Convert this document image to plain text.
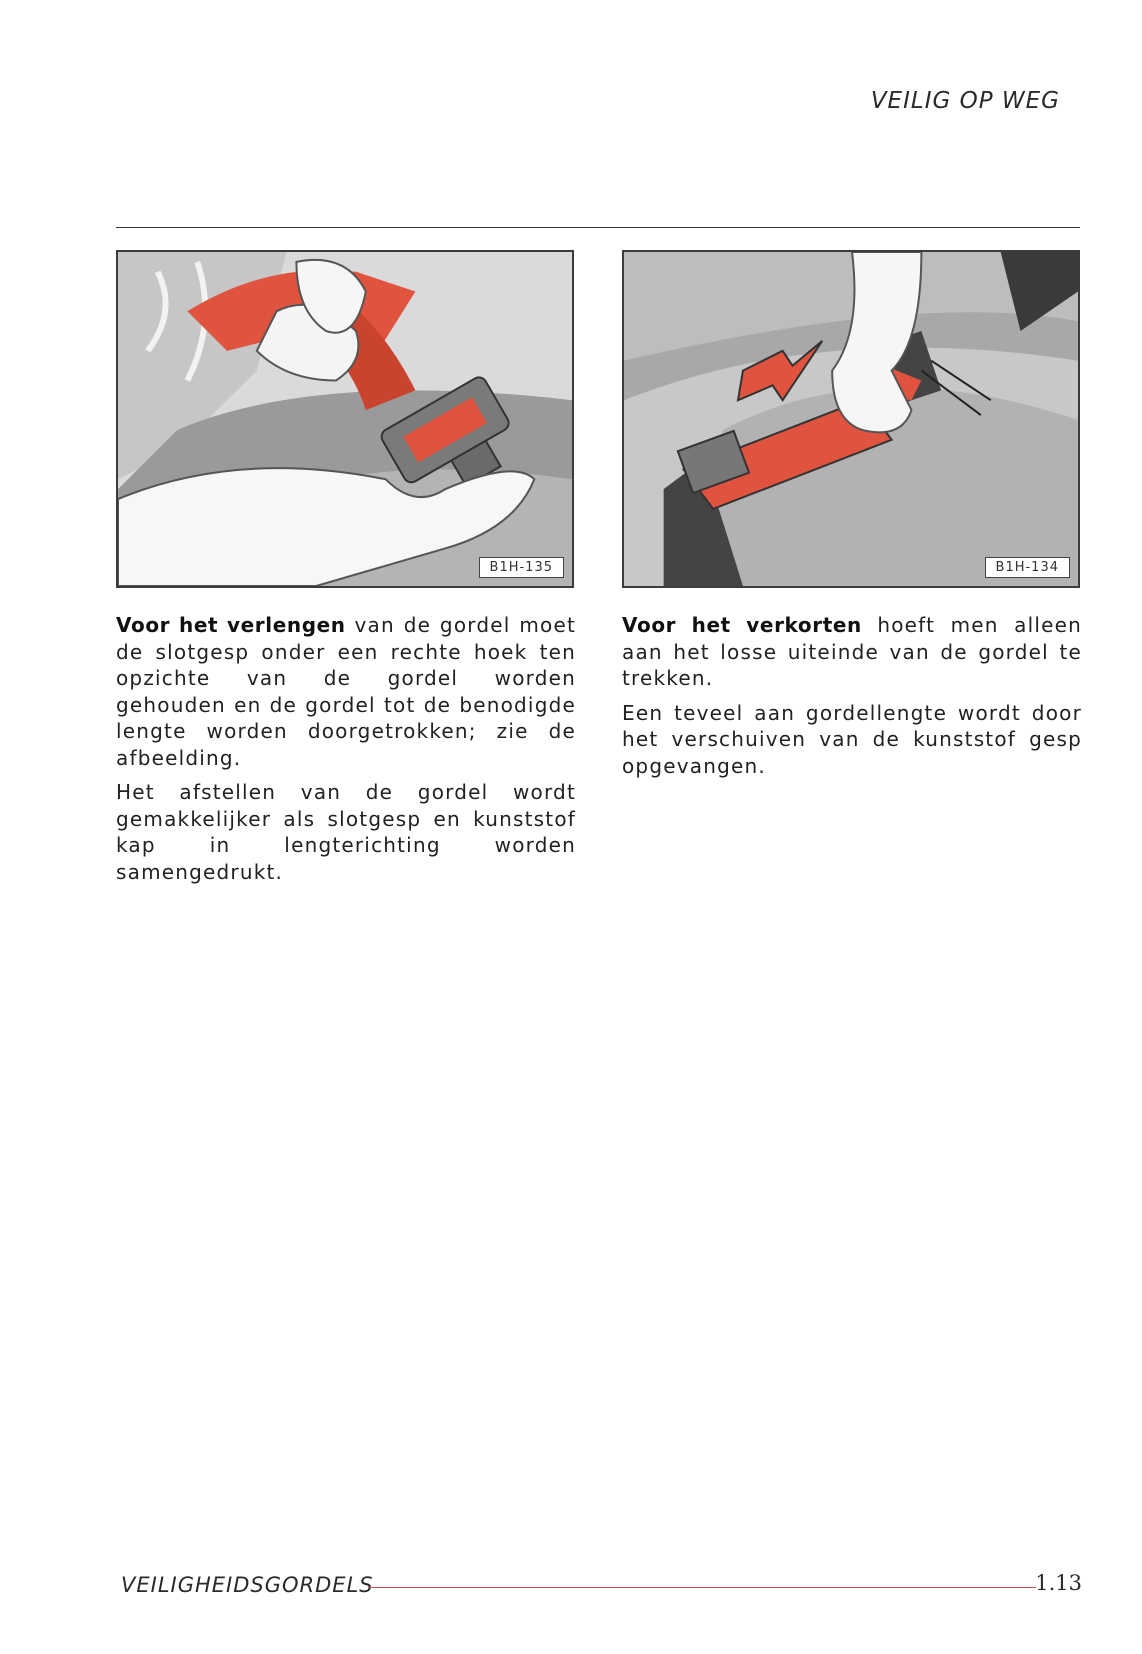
VEILIG OP WEG
B1H-135	B1H-134

Voor het verlengen van de gordel moet de slotgesp onder een rechte hoek ten opzichte van de gordel worden gehouden en de gordel tot de benodigde lengte worden doorgetrokken; zie de afbeelding.

Het afstellen van de gordel wordt gemakkelijker als slotgesp en kunststof kap in lengterichting worden samengedrukt.

Voor het verkorten hoeft men alleen aan het losse uiteinde van de gordel te trekken.

Een teveel aan gordellengte wordt door het verschuiven van de kunststof gesp opgevangen.

VEILIGHEIDSGORDELS	1.13
